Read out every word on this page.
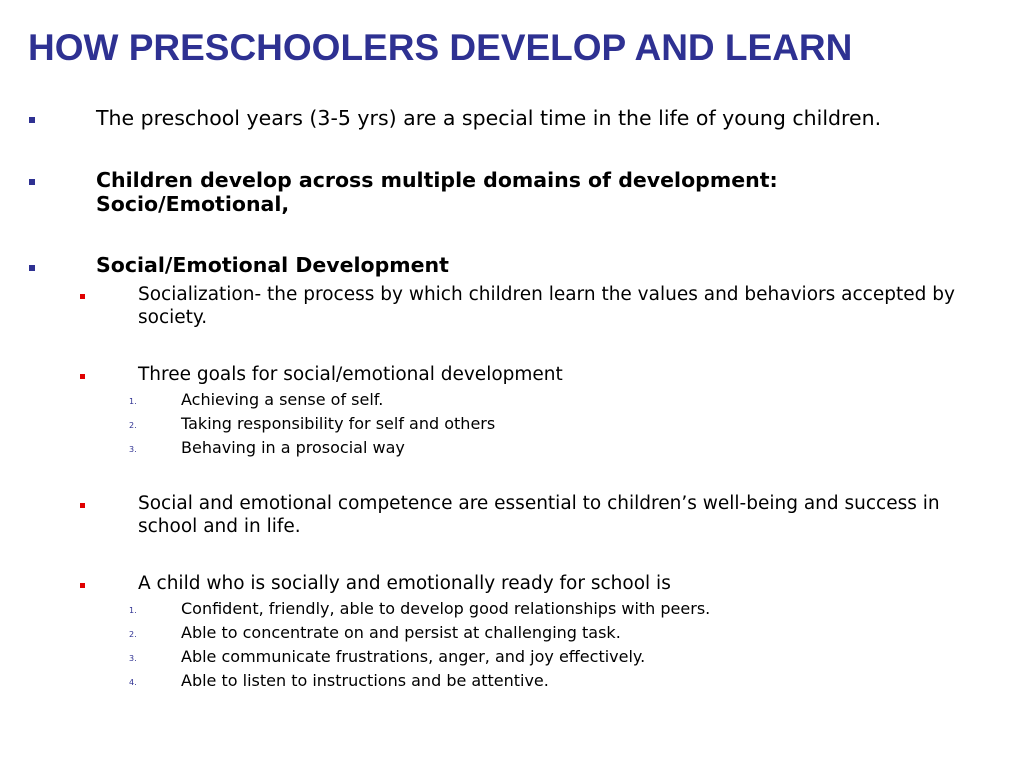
HOW PRESCHOOLERS DEVELOP AND LEARN
The preschool years (3-5 yrs) are a special time in the life of young children.
Children develop across multiple domains of development: Socio/Emotional,
Social/Emotional Development
Socialization- the process by which children learn the values and behaviors accepted by society.
Three goals for social/emotional development
1.	Achieving a sense of self.
2.	Taking responsibility for self and others
3.	Behaving in a prosocial way
Social and emotional competence are essential to children’s well-being and success in school and in life.
A child who is socially and emotionally ready for school is
1.	Confident, friendly, able to develop good relationships with peers.
2.	Able to concentrate on and persist at challenging task.
3.	Able communicate frustrations, anger, and joy effectively.
4.	Able to listen to instructions and be attentive.
